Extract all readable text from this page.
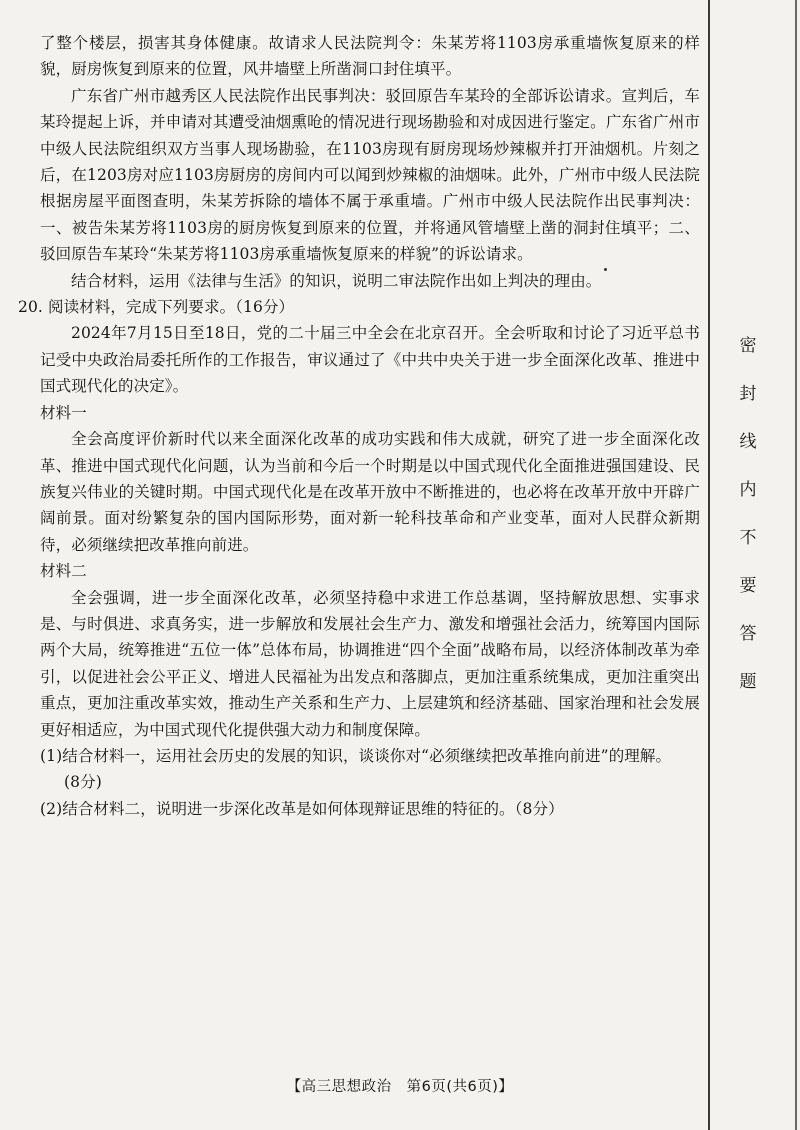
了整个楼层，损害其身体健康。故请求人民法院判令：朱某芳将1103房承重墙恢复原来的样貌，厨房恢复到原来的位置，风井墙壁上所凿洞口封住填平。

广东省广州市越秀区人民法院作出民事判决：驳回原告车某玲的全部诉讼请求。宣判后，车某玲提起上诉，并申请对其遭受油烟熏呛的情况进行现场勘验和对成因进行鉴定。广东省广州市中级人民法院组织双方当事人现场勘验，在1103房现有厨房现场炒辣椒并打开油烟机。片刻之后，在1203房对应1103房厨房的房间内可以闻到炒辣椒的油烟味。此外，广州市中级人民法院根据房屋平面图查明，朱某芳拆除的墙体不属于承重墙。广州市中级人民法院作出民事判决：一、被告朱某芳将1103房的厨房恢复到原来的位置，并将通风管墙壁上凿的洞封住填平；二、驳回原告车某玲“朱某芳将1103房承重墙恢复原来的样貌”的诉讼请求。

结合材料，运用《法律与生活》的知识，说明二审法院作出如上判决的理由。

20. 阅读材料，完成下列要求。（16分）

2024年7月15日至18日，党的二十届三中全会在北京召开。全会听取和讨论了习近平总书记受中央政治局委托所作的工作报告，审议通过了《中共中央关于进一步全面深化改革、推进中国式现代化的决定》。

材料一

全会高度评价新时代以来全面深化改革的成功实践和伟大成就，研究了进一步全面深化改革、推进中国式现代化问题，认为当前和今后一个时期是以中国式现代化全面推进强国建设、民族复兴伟业的关键时期。中国式现代化是在改革开放中不断推进的，也必将在改革开放中开辟广阔前景。面对纷繁复杂的国内国际形势，面对新一轮科技革命和产业变革，面对人民群众新期待，必须继续把改革推向前进。

材料二

全会强调，进一步全面深化改革，必须坚持稳中求进工作总基调，坚持解放思想、实事求是、与时俱进、求真务实，进一步解放和发展社会生产力、激发和增强社会活力，统筹国内国际两个大局，统筹推进“五位一体”总体布局，协调推进“四个全面”战略布局，以经济体制改革为牵引，以促进社会公平正义、增进人民福祉为出发点和落脚点，更加注重系统集成，更加注重突出重点，更加注重改革实效，推动生产关系和生产力、上层建筑和经济基础、国家治理和社会发展更好相适应，为中国式现代化提供强大动力和制度保障。

(1)结合材料一，运用社会历史的发展的知识，谈谈你对“必须继续把改革推向前进”的理解。

(8分)

(2)结合材料二，说明进一步深化改革是如何体现辩证思维的特征的。（8分）

密
封
线
内
不
要
答
题
【高三思想政治　第6页(共6页)】
